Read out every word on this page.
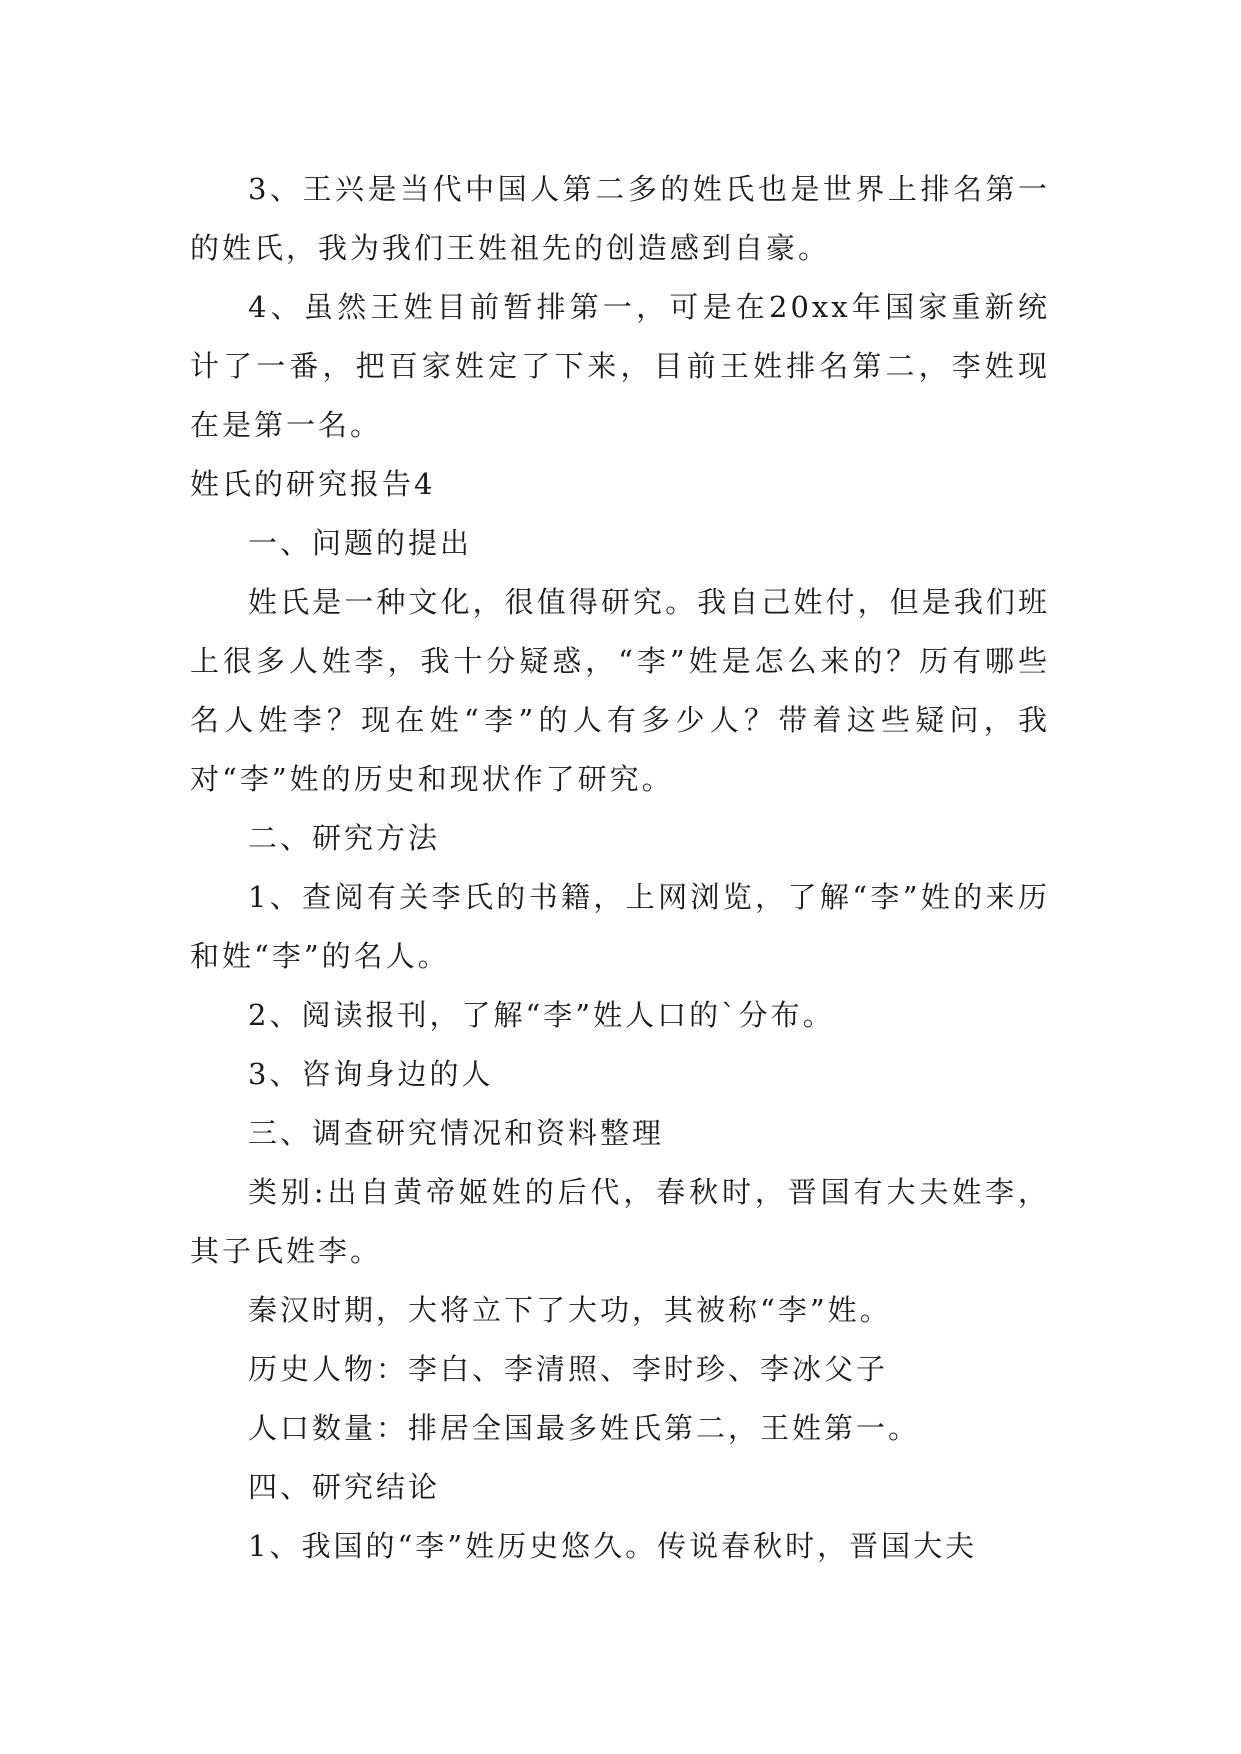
3、王兴是当代中国人第二多的姓氏也是世界上排名第一的姓氏，我为我们王姓祖先的创造感到自豪。

4、虽然王姓目前暂排第一，可是在20xx年国家重新统计了一番，把百家姓定了下来，目前王姓排名第二，李姓现在是第一名。

姓氏的研究报告4

一、问题的提出

姓氏是一种文化，很值得研究。我自己姓付，但是我们班上很多人姓李，我十分疑惑，“李”姓是怎么来的？历有哪些名人姓李？现在姓“李”的人有多少人？带着这些疑问，我对“李”姓的历史和现状作了研究。

二、研究方法

1、查阅有关李氏的书籍，上网浏览，了解“李”姓的来历和姓“李”的名人。

2、阅读报刊，了解“李”姓人口的`分布。

3、咨询身边的人

三、调查研究情况和资料整理

类别:出自黄帝姬姓的后代，春秋时，晋国有大夫姓李，其子氏姓李。

秦汉时期，大将立下了大功，其被称“李”姓。

历史人物：李白、李清照、李时珍、李冰父子

人口数量：排居全国最多姓氏第二，王姓第一。

四、研究结论

1、我国的“李”姓历史悠久。传说春秋时，晋国大夫
